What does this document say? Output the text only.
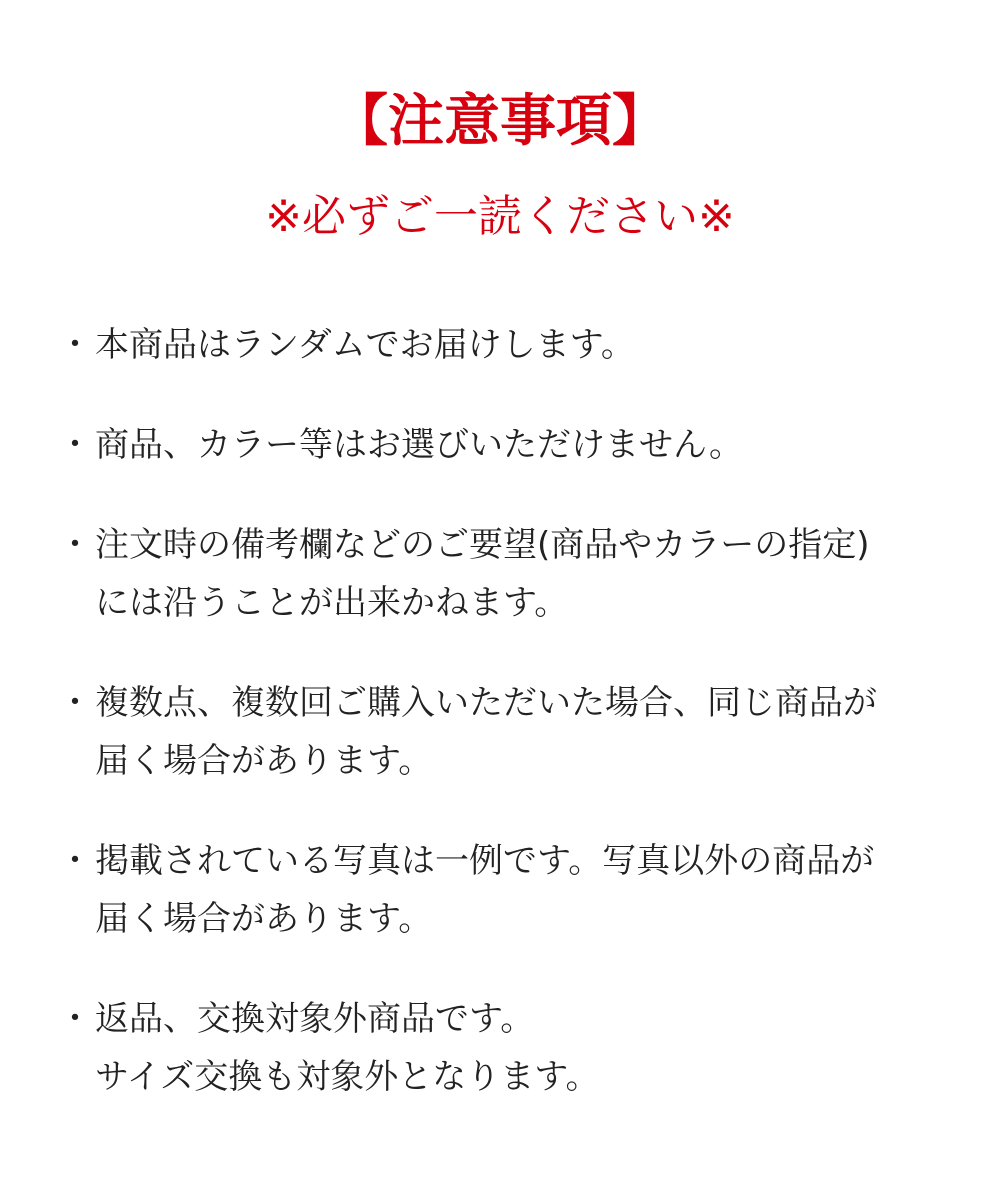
【注意事項】
※必ずご一読ください※
・ 本商品はランダムでお届けします。
・ 商品、カラー等はお選びいただけません。
・ 注文時の備考欄などのご要望(商品やカラーの指定)
には沿うことが出来かねます。
・ 複数点、複数回ご購入いただいた場合、同じ商品が
届く場合があります。
・ 掲載されている写真は一例です。写真以外の商品が
届く場合があります。
・ 返品、交換対象外商品です。
サイズ交換も対象外となります。
